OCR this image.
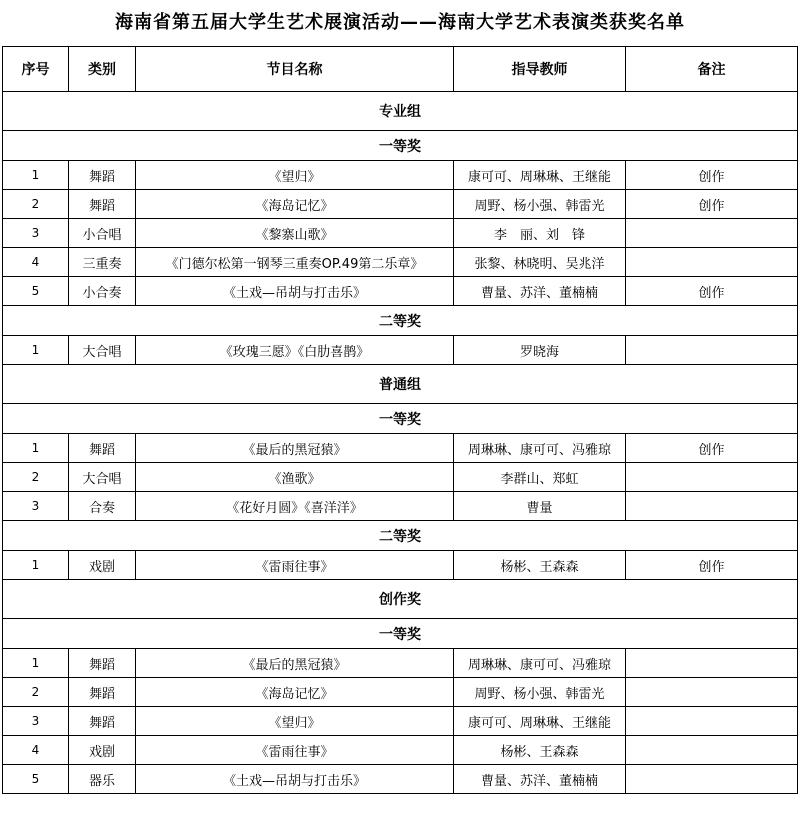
海南省第五届大学生艺术展演活动——海南大学艺术表演类获奖名单
序号	类别	节目名称	指导教师	备注
专业组				
一等奖				
1	舞蹈	《望归》	康可可、周琳琳、王继能	创作
2	舞蹈	《海岛记忆》	周野、杨小强、韩雷光	创作
3	小合唱	《黎寨山歌》	李　丽、刘　锋	
4	三重奏	《门德尔松第一钢琴三重奏OP.49第二乐章》	张黎、林晓明、吴兆洋	
5	小合奏	《土戏—吊胡与打击乐》	曹量、苏洋、董楠楠	创作
二等奖				
1	大合唱	《玫瑰三愿》《白肋喜鹊》	罗晓海	
普通组				
一等奖				
1	舞蹈	《最后的黑冠猿》	周琳琳、康可可、冯雅琼	创作
2	大合唱	《渔歌》	李群山、郑虹	
3	合奏	《花好月圆》《喜洋洋》	曹量	
二等奖				
1	戏剧	《雷雨往事》	杨彬、王森森	创作
创作奖				
一等奖				
1	舞蹈	《最后的黑冠猿》	周琳琳、康可可、冯雅琼	
2	舞蹈	《海岛记忆》	周野、杨小强、韩雷光	
3	舞蹈	《望归》	康可可、周琳琳、王继能	
4	戏剧	《雷雨往事》	杨彬、王森森	
5	器乐	《土戏—吊胡与打击乐》	曹量、苏洋、董楠楠	
